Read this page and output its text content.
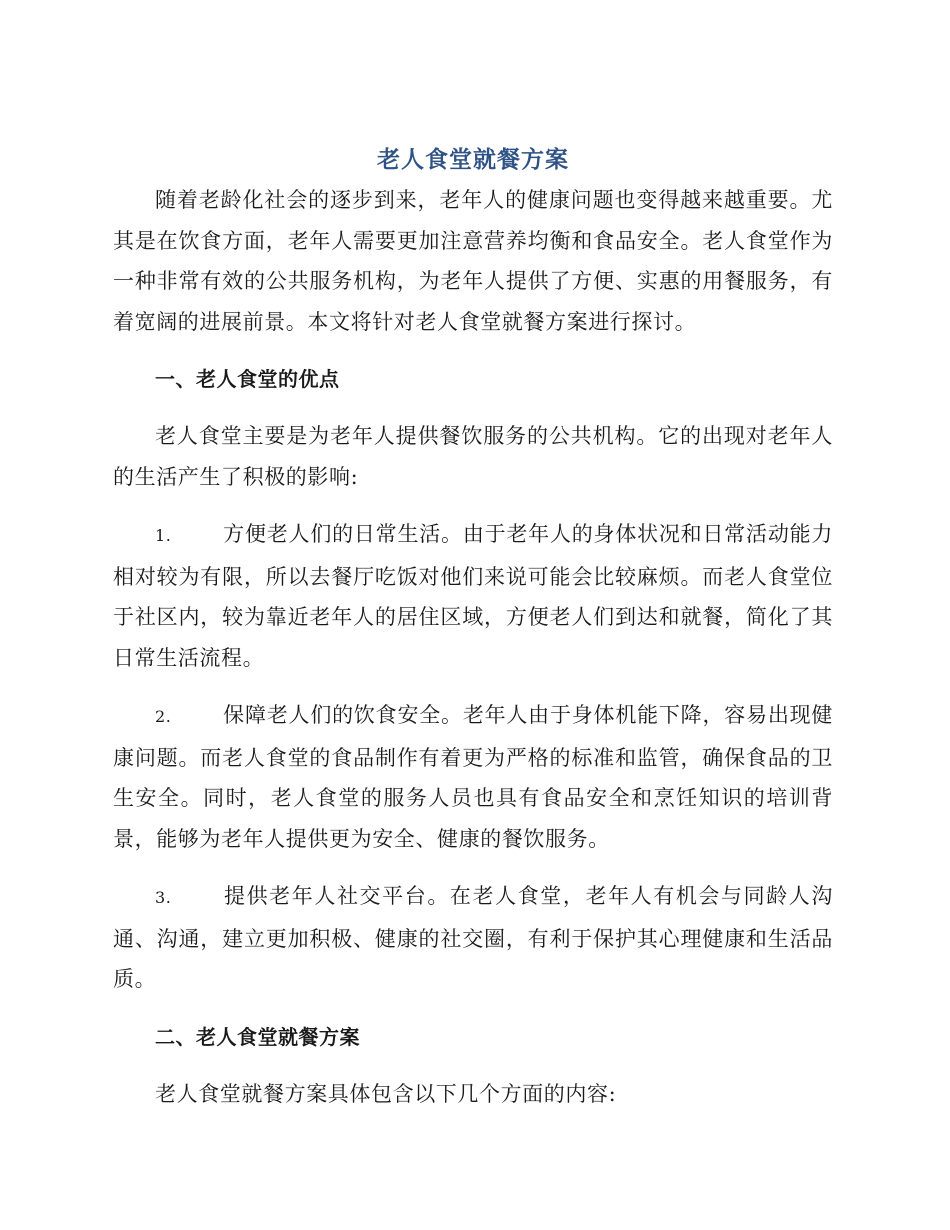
老人食堂就餐方案

随着老龄化社会的逐步到来，老年人的健康问题也变得越来越重要。尤其是在饮食方面，老年人需要更加注意营养均衡和食品安全。老人食堂作为一种非常有效的公共服务机构，为老年人提供了方便、实惠的用餐服务，有着宽阔的进展前景。本文将针对老人食堂就餐方案进行探讨。

一、老人食堂的优点

老人食堂主要是为老年人提供餐饮服务的公共机构。它的出现对老年人的生活产生了积极的影响:

1. 方便老人们的日常生活。由于老年人的身体状况和日常活动能力相对较为有限，所以去餐厅吃饭对他们来说可能会比较麻烦。而老人食堂位于社区内，较为靠近老年人的居住区域，方便老人们到达和就餐，简化了其日常生活流程。

2. 保障老人们的饮食安全。老年人由于身体机能下降，容易出现健康问题。而老人食堂的食品制作有着更为严格的标准和监管，确保食品的卫生安全。同时，老人食堂的服务人员也具有食品安全和烹饪知识的培训背景，能够为老年人提供更为安全、健康的餐饮服务。

3. 提供老年人社交平台。在老人食堂，老年人有机会与同龄人沟通、沟通，建立更加积极、健康的社交圈，有利于保护其心理健康和生活品质。

二、老人食堂就餐方案

老人食堂就餐方案具体包含以下几个方面的内容:
